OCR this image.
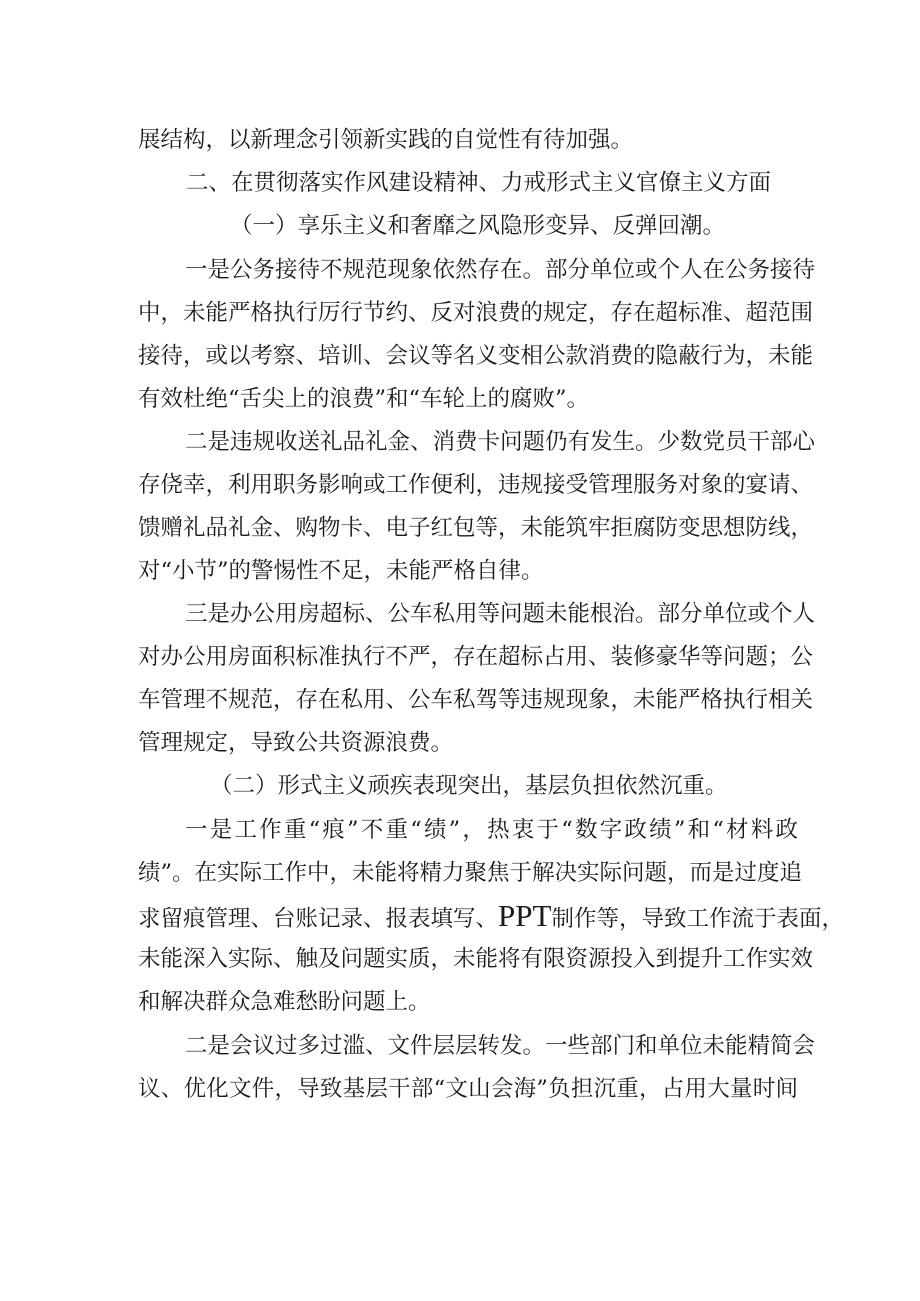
展结构，以新理念引领新实践的自觉性有待加强。
二、在贯彻落实作风建设精神、力戒形式主义官僚主义方面
（一）享乐主义和奢靡之风隐形变异、反弹回潮。
一是公务接待不规范现象依然存在。部分单位或个人在公务接待
中，未能严格执行厉行节约、反对浪费的规定，存在超标准、超范围
接待，或以考察、培训、会议等名义变相公款消费的隐蔽行为，未能
有效杜绝“舌尖上的浪费”和“车轮上的腐败”。
二是违规收送礼品礼金、消费卡问题仍有发生。少数党员干部心
存侥幸，利用职务影响或工作便利，违规接受管理服务对象的宴请、
馈赠礼品礼金、购物卡、电子红包等，未能筑牢拒腐防变思想防线，
对“小节”的警惕性不足，未能严格自律。
三是办公用房超标、公车私用等问题未能根治。部分单位或个人
对办公用房面积标准执行不严，存在超标占用、装修豪华等问题；公
车管理不规范，存在私用、公车私驾等违规现象，未能严格执行相关
管理规定，导致公共资源浪费。
（二）形式主义顽疾表现突出，基层负担依然沉重。
一是工作重“痕”不重“绩”，热衷于“数字政绩”和“材料政
绩”。在实际工作中，未能将精力聚焦于解决实际问题，而是过度追
求留痕管理、台账记录、报表填写、PPT制作等，导致工作流于表面，
未能深入实际、触及问题实质，未能将有限资源投入到提升工作实效
和解决群众急难愁盼问题上。
二是会议过多过滥、文件层层转发。一些部门和单位未能精简会
议、优化文件，导致基层干部“文山会海”负担沉重，占用大量时间
